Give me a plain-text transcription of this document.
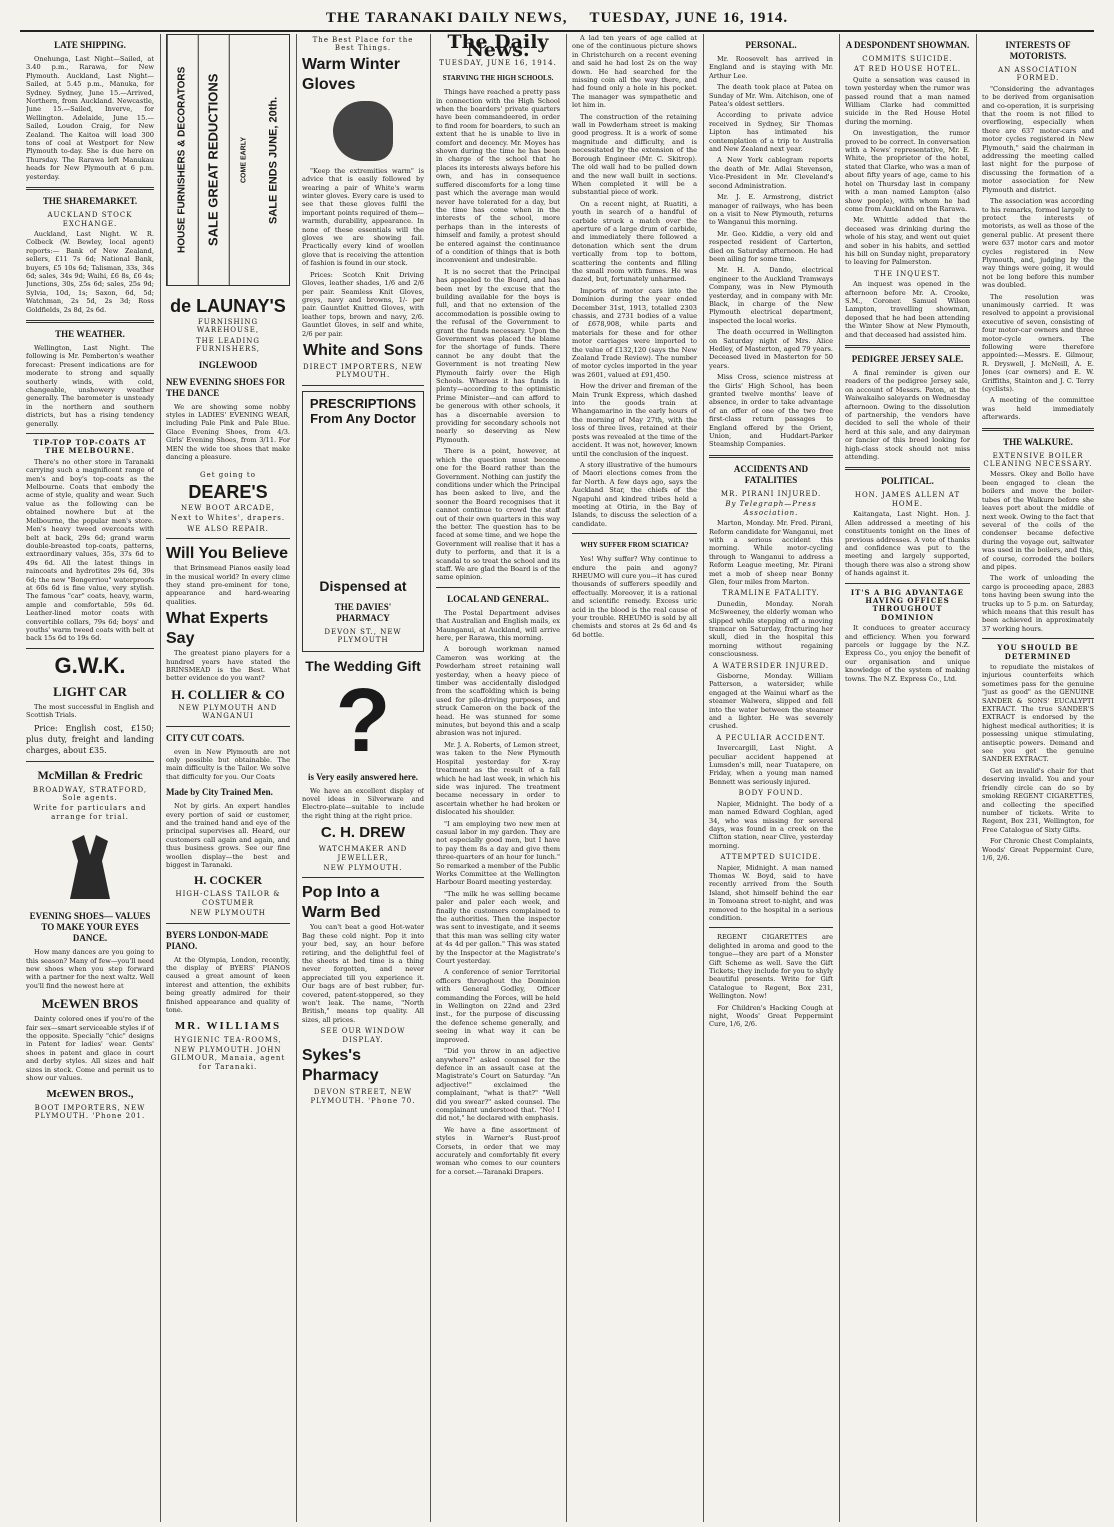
THE TARANAKI DAILY NEWS, TUESDAY, JUNE 16, 1914.
LATE SHIPPING.

Onehunga, Last Night—Sailed, at 3.40 p.m., Rarawa, for New Plymouth. Auckland, Last Night—Sailed, at 5.45 p.m., Manuka, for Sydney. Sydney, June 15.—Arrived, Northern, from Auckland. Newcastle, June 15.—Sailed, Inverve, for Wellington. Adelaide, June 15.—Sailed, Loudon Craig, for New Zealand. The Kaitoa will load 300 tons of coal at Westport for New Plymouth to-day. She is due here on Thursday. The Rarawa left Manukau heads for New Plymouth at 6 p.m. yesterday.

THE SHAREMARKET.
AUCKLAND STOCK EXCHANGE.

Auckland, Last Night. W. R. Colbeck (W. Bewley, local agent) reports:— Bank of New Zealand, sellers, £11 7s 6d; National Bank, buyers, £5 10s 6d; Talisman, 33s, 34s 6d; sales, 34s 9d; Waihi, £6 8s, £6 4s; Junctions, 30s, 25s 6d; sales, 25s 9d; Sylvia, 10d, 1s; Saxon, 6d, 5d; Watchman, 2s 5d, 2s 3d; Ross Goldfields, 2s 8d, 2s 6d.

THE WEATHER.

Wellington, Last Night. The following is Mr. Pemberton's weather forecast: Present indications are for moderate to strong and squally southerly winds, with cold, changeable, unshowery weather generally. The barometer is unsteady in the northern and southern districts, but has a rising tendency generally.

TIP-TOP TOP-COATS AT THE MELBOURNE.

There's no other store in Taranaki carrying such a magnificent range of men's and boy's top-coats as the Melbourne. Coats that embody the acme of style, quality and wear. Such value as the following can be obtained nowhere but at the Melbourne, the popular men's store. Men's heavy tweed overcoats with belt at back, 29s 6d; grand warm double-breasted top-coats, patterns, extraordinary values, 35s, 37s 6d to 49s 6d. All the latest things in raincoats and hydrotites 29s 6d, 39s 6d; the new "Bongerriou" waterproofs at 60s 6d is fine value, very stylish. The famous "car" coats, heavy, warm, ample and comfortable, 59s 6d. Leather-lined motor coats with convertible collars, 79s 6d; boys' and youths' warm tweed coats with belt at back 15s 6d to 19s 6d.

G.W.K.
LIGHT CAR

The most successful in English and Scottish Trials.

Price: English cost, £150; plus duty, freight and landing charges, about £35.

McMillan & Fredric
BROADWAY, STRATFORD, Sole agents.
Write for particulars and arrange for trial.
EVENING SHOES— VALUES TO MAKE YOUR EYES DANCE.

How many dances are you going to this season? Many of few—you'll need new shoes when you step forward with a partner for the next waltz. Well you'll find the newest here at

McEWEN BROS

Dainty colored ones if you're of the fair sex—smart serviceable styles if of the opposite. Specially "chic" designs in Patent for ladies' wear. Gents' shoes in patent and glace in court and derby styles. All sizes and half sizes in stock. Come and permit us to show our values.

McEWEN BROS.,
BOOT IMPORTERS, NEW PLYMOUTH. 'Phone 201.
HOUSE FURNISHERS & DECORATORS	SALE GREAT REDUCTIONS	COME EARLY	SALE ENDS JUNE, 20th.
de LAUNAY'S
FURNISHING WAREHOUSE,
THE LEADING FURNISHERS,
INGLEWOOD
NEW EVENING SHOES FOR THE DANCE

We are showing some nobby styles in LADIES' EVENING WEAR, including Pale Pink and Pale Blue. Glace Evening Shoes, from 4/3. Girls' Evening Shoes, from 3/11. For MEN the wide toe shoes that make dancing a pleasure.

Get going to
DEARE'S
NEW BOOT ARCADE,
Next to Whites', drapers.
WE ALSO REPAIR.
Will You Believe

that Brinsmead Pianos easily lead in the musical world? In every clime they stand pre-eminent for tone, appearance and hard-wearing qualities.

What Experts Say

The greatest piano players for a hundred years have stated the BRINSMEAD is the Best. What better evidence do you want?

H. COLLIER & CO
NEW PLYMOUTH AND WANGANUI
CITY CUT COATS.

even in New Plymouth are not only possible but obtainable. The main difficulty is the Tailor. We solve that difficulty for you. Our Coats

Made by City Trained Men.

Not by girls. An expert handles every portion of said or customer, and the trained hand and eye of the principal supervises all. Heard, our customers call again and again, and thus business grows. See our fine woollen display—the best and biggest in Taranaki.

H. COCKER
HIGH-CLASS TAILOR & COSTUMER
NEW PLYMOUTH
BYERS LONDON-MADE PIANO.

At the Olympia, London, recently, the display of BYERS' PIANOS caused a great amount of keen interest and attention, the exhibits being greatly admired for their finished appearance and quality of tone.

MR. WILLIAMS
HYGIENIC TEA-ROOMS,
NEW PLYMOUTH. JOHN GILMOUR, Manaia, agent for Taranaki.
The Best Place for the Best Things.
Warm Winter Gloves

"Keep the extremities warm" is advice that is easily followed by wearing a pair of White's warm winter gloves. Every care is used to see that these gloves fulfil the important points required of them—warmth, durability, appearance. In none of these essentials will the gloves we are showing fail. Practically every kind of woollen glove that is receiving the attention of fashion is found in our stock.

Prices: Scotch Knit Driving Gloves, leather shades, 1/6 and 2/6 per pair. Seamless Knit Gloves, greys, navy and browns, 1/- per pair. Gauntlet Knitted Gloves, with leather tops, brown and navy, 2/6. Gauntlet Gloves, in self and white, 2/6 per pair.

White and Sons
DIRECT IMPORTERS, NEW PLYMOUTH.
PRESCRIPTIONS From Any Doctor
Dispensed at
THE DAVIES' PHARMACY
DEVON ST., NEW PLYMOUTH
The Wedding Gift
?
is Very easily answered here.

We have an excellent display of novel ideas in Silverware and Electro-plate—suitable to include the right thing at the right price.

C. H. DREW
WATCHMAKER AND JEWELLER,
NEW PLYMOUTH.
Pop Into a Warm Bed

You can't beat a good Hot-water Bag these cold night. Pop it into your bed, say, an hour before retiring, and the delightful feel of the sheets at bed time is a thing never forgotten, and never appreciated till you experience it. Our bags are of best rubber, fur-covered, patent-stoppered, so they won't leak. The name, "North British," means top quality. All sizes, all prices.

SEE OUR WINDOW DISPLAY.
Sykes's Pharmacy
DEVON STREET, NEW PLYMOUTH. 'Phone 70.
The Daily News.
TUESDAY, JUNE 16, 1914.
STARVING THE HIGH SCHOOLS.

Things have reached a pretty pass in connection with the High School when the boarders' private quarters have been commandeered, in order to find room for boarders, to such an extent that he is unable to live in comfort and decency. Mr. Moyes has shown during the time he has been in charge of the school that he places its interests always before his own, and has in consequence suffered discomforts for a long time past which the average man would never have tolerated for a day, but the time has come when in the interests of the school, more perhaps than in the interests of himself and family, a protest should be entered against the continuance of a condition of things that is both inconvenient and undesirable.

It is no secret that the Principal has appealed to the Board, and has been met by the excuse that the building available for the boys is full, and that no extension of the accommodation is possible owing to the refusal of the Government to grant the funds necessary. Upon the Government was placed the blame for the shortage of funds. There cannot be any doubt that the Government is not treating New Plymouth fairly over the High Schools. Whereas it has funds in plenty—according to the optimistic Prime Minister—and can afford to be generous with other schools, it has a discernable aversion to providing for secondary schools not nearly so deserving as New Plymouth.

There is a point, however, at which the question must become one for the Board rather than the Government. Nothing can justify the conditions under which the Principal has been asked to live, and the sooner the Board recognises that it cannot continue to crowd the staff out of their own quarters in this way the better. The question has to be faced at some time, and we hope the Government will realise that it has a duty to perform, and that it is a scandal to so treat the school and its staff. We are glad the Board is of the same opinion.

LOCAL AND GENERAL.

The Postal Department advises that Australian and English mails, ex Maunganui, at Auckland, will arrive here, per Rarawa, this morning.

A borough workman named Cameron was working at the Powderham street retaining wall yesterday, when a heavy piece of timber was accidentally dislodged from the scaffolding which is being used for pile-driving purposes, and struck Cameron on the back of the head. He was stunned for some minutes, but beyond this and a scalp abrasion was not injured.

Mr. J. A. Roberts, of Lemon street, was taken to the New Plymouth Hospital yesterday for X-ray treatment as the result of a fall which he had last week, in which his side was injured. The treatment became necessary in order to ascertain whether he had broken or dislocated his shoulder.

"I am employing two new men at casual labor in my garden. They are not especially good men, but I have to pay them 8s a day and give them three-quarters of an hour for lunch." So remarked a member of the Public Works Committee at the Wellington Harbour Board meeting yesterday.

"The milk he was selling became paler and paler each week, and finally the customers complained to the authorities. Then the inspector was sent to investigate, and it seems that this man was selling city water at 4s 4d per gallon." This was stated by the Inspector at the Magistrate's Court yesterday.

A conference of senior Territorial officers throughout the Dominion with General Godley, Officer commanding the Forces, will be held in Wellington on 22nd and 23rd inst., for the purpose of discussing the defence scheme generally, and seeing in what way it can be improved.

"Did you throw in an adjective anywhere?" asked counsel for the defence in an assault case at the Magistrate's Court on Saturday. "An adjective!" exclaimed the complainant, "what is that?" "Well did you swear?" asked counsel. The complainant understood that. "No! I did not," he declared with emphasis.

We have a fine assortment of styles in Warner's Rust-proof Corsets, in order that we may accurately and comfortably fit every woman who comes to our counters for a corset.—Taranaki Drapers.

A lad ten years of age called at one of the continuous picture shows in Christchurch on a recent evening and said he had lost 2s on the way down. He had searched for the missing coin all the way there, and had found only a hole in his pocket. The manager was sympathetic and let him in.

The construction of the retaining wall in Powderham street is making good progress. It is a work of some magnitude and difficulty, and is necessitated by the extension of the Borough Engineer (Mr. C. Skitrop). The old wall had to be pulled down and the new wall built in sections. When completed it will be a substantial piece of work.

On a recent night, at Ruatiti, a youth in search of a handful of carbide struck a match over the aperture of a large drum of carbide, and immediately there followed a detonation which sent the drum vertically from top to bottom, scattering the contents and filling the small room with fumes. He was dazed, but, fortunately unharmed.

Imports of motor cars into the Dominion during the year ended December 31st, 1913, totalled 2303 chassis, and 2731 bodies of a value of £678,908, while parts and materials for these and for other motor carriages were imported to the value of £132,120 (says the New Zealand Trade Review). The number of motor cycles imported in the year was 2601, valued at £91,450.

How the driver and fireman of the Main Trunk Express, which dashed into the goods train at Whangamarino in the early hours of the morning of May 27th, with the loss of three lives, retained at their posts was revealed at the time of the accident. It was not, however, known until the conclusion of the inquest.

A story illustrative of the humours of Maori elections comes from the far North. A few days ago, says the Auckland Star, the chiefs of the Ngapuhi and kindred tribes held a meeting at Otiria, in the Bay of Islands, to discuss the selection of a candidate.

WHY SUFFER FROM SCIATICA?

Yes! Why suffer? Why continue to endure the pain and agony? RHEUMO will cure you—it has cured thousands of sufferers speedily and effectually. Moreover, it is a rational and scientific remedy. Excess uric acid in the blood is the real cause of your trouble. RHEUMO is sold by all chemists and stores at 2s 6d and 4s 6d bottle.

PERSONAL.

Mr. Roosevelt has arrived in England and is staying with Mr. Arthur Lee.

The death took place at Patea on Sunday of Mr. Wm. Aitchison, one of Patea's oldest settlers.

According to private advice received in Sydney, Sir Thomas Lipton has intimated his contemplation of a trip to Australia and New Zealand next year.

A New York cablegram reports the death of Mr. Adlai Stevenson, Vice-President in Mr. Cleveland's second Administration.

Mr. J. E. Armstrong, district manager of railways, who has been on a visit to New Plymouth, returns to Wanganui this morning.

Mr. Geo. Kiddie, a very old and respected resident of Carterton, died on Saturday afternoon. He had been ailing for some time.

Mr. H. A. Dando, electrical engineer to the Auckland Tramways Company, was in New Plymouth yesterday, and in company with Mr. Black, in charge of the New Plymouth electrical department, inspected the local works.

The death occurred in Wellington on Saturday night of Mrs. Alice Hedley, of Masterton, aged 79 years. Deceased lived in Masterton for 50 years.

Miss Cross, science mistress at the Girls' High School, has been granted twelve months' leave of absence, in order to take advantage of an offer of one of the two free first-class return passages to England offered by the Orient, Union, and Huddart-Parker Steamship Companies.

ACCIDENTS AND FATALITIES
MR. PIRANI INJURED.
By Telegraph—Press Association.

Marton, Monday. Mr. Fred. Pirani, Reform candidate for Wanganui, met with a serious accident this morning. While motor-cycling through to Wanganui to address a Reform League meeting, Mr. Pirani met a mob of sheep near Bonny Glen, four miles from Marton.

TRAMLINE FATALITY.

Dunedin, Monday. Norah McSweeney, the elderly woman who slipped while stepping off a moving tramcar on Saturday, fracturing her skull, died in the hospital this morning without regaining consciousness.

A WATERSIDER INJURED.

Gisborne, Monday. William Patterson, a watersider, while engaged at the Wainui wharf as the steamer Walwera, slipped and fell into the water between the steamer and a lighter. He was severely crushed.

A PECULIAR ACCIDENT.

Invercargill, Last Night. A peculiar accident happened at Lumsden's mill, near Tuatapere, on Friday, when a young man named Bennett was seriously injured.

BODY FOUND.

Napier, Midnight. The body of a man named Edward Coghlan, aged 34, who was missing for several days, was found in a creek on the Clifton station, near Clive, yesterday morning.

ATTEMPTED SUICIDE.

Napier, Midnight. A man named Thomas W. Boyd, said to have recently arrived from the South Island, shot himself behind the ear in Tomoana street to-night, and was removed to the hospital in a serious condition.

REGENT CIGARETTES are delighted in aroma and good to the tongue—they are part of a Monster Gift Scheme as well. Save the Gift Tickets; they include for you to shyly beautiful presents. Write for Gift Catalogue to Regent, Box 231, Wellington. Now!

For Children's Hacking Cough at night, Woods' Great Peppermint Cure, 1/6, 2/6.

A DESPONDENT SHOWMAN.
COMMITS SUICIDE.
AT RED HOUSE HOTEL.

Quite a sensation was caused in town yesterday when the rumor was passed round that a man named William Clarke had committed suicide in the Red House Hotel during the morning.

On investigation, the rumor proved to be correct. In conversation with a News' representative, Mr. E. White, the proprietor of the hotel, stated that Clarke, who was a man of about fifty years of age, came to his hotel on Thursday last in company with a man named Lampton (also show people), with whom he had come from Auckland on the Rarawa.

Mr. Whittle added that the deceased was drinking during the whole of his stay, and went out quiet and sober in his habits, and settled his bill on Sunday night, preparatory to leaving for Palmerston.

THE INQUEST.

An inquest was opened in the afternoon before Mr. A. Crooke, S.M., Coroner. Samuel Wilson Lampton, travelling showman, deposed that he had been attending the Winter Show at New Plymouth, and that deceased had assisted him.

PEDIGREE JERSEY SALE.

A final reminder is given our readers of the pedigree Jersey sale, on account of Messrs. Paton, at the Waiwakaiho saleyards on Wednesday afternoon. Owing to the dissolution of partnership, the vendors have decided to sell the whole of their herd at this sale, and any dairyman or fancier of this breed looking for high-class stock should not miss attending.

POLITICAL.
HON. JAMES ALLEN AT HOME.

Kaitangata, Last Night. Hon. J. Allen addressed a meeting of his constituents tonight on the lines of previous addresses. A vote of thanks and confidence was put to the meeting and largely supported, though there was also a strong show of hands against it.

IT'S A BIG ADVANTAGE HAVING OFFICES THROUGHOUT DOMINION

It conduces to greater accuracy and efficiency. When you forward parcels or luggage by the N.Z. Express Co., you enjoy the benefit of our organisation and unique knowledge of the system of making towns. The N.Z. Express Co., Ltd.

INTERESTS OF MOTORISTS.
AN ASSOCIATION FORMED.

"Considering the advantages to be derived from organisation and co-operation, it is surprising that the room is not filled to overflowing, especially when there are 637 motor-cars and motor cycles registered in New Plymouth," said the chairman in addressing the meeting called last night for the purpose of discussing the formation of a motor association for New Plymouth and district.

The association was according to his remarks, formed largely to protect the interests of motorists, as well as those of the general public. At present there were 637 motor cars and motor cycles registered in New Plymouth, and, judging by the way things were going, it would not be long before this number was doubled.

The resolution was unanimously carried. It was resolved to appoint a provisional executive of seven, consisting of four motor-car owners and three motor-cycle owners. The following were therefore appointed:—Messrs. E. Gilmour, R. Dryswell, J. McNeill, A. E. Jones (car owners) and E. W. Griffiths, Stainton and J. C. Terry (cyclists).

A meeting of the committee was held immediately afterwards.

THE WALKURE.
EXTENSIVE BOILER CLEANING NECESSARY.

Messrs. Okey and Bollo have been engaged to clean the boilers and move the boiler-tubes of the Walkure before she leaves port about the middle of next week. Owing to the fact that several of the coils of the condenser became defective during the voyage out, saltwater was used in the boilers, and this, of course, corroded the boilers and pipes.

The work of unloading the cargo is proceeding apace, 2883 tons having been swung into the trucks up to 5 p.m. on Saturday, which means that this result has been achieved in approximately 37 working hours.

YOU SHOULD BE DETERMINED

to repudiate the mistakes of injurious counterfeits which sometimes pass for the genuine "just as good" as the GENUINE SANDER & SONS' EUCALYPTI EXTRACT. The true SANDER'S EXTRACT is endorsed by the highest medical authorities; it is possessing unique stimulating, antiseptic powers. Demand and see you get the genuine SANDER EXTRACT.

Get an invalid's chair for that deserving invalid. You and your friendly circle can do so by smoking REGENT CIGARETTES, and collecting the specified number of tickets. Write to Regent, Box 231, Wellington, for Free Catalogue of Sixty Gifts.

For Chronic Chest Complaints, Woods' Great Peppermint Cure, 1/6, 2/6.
